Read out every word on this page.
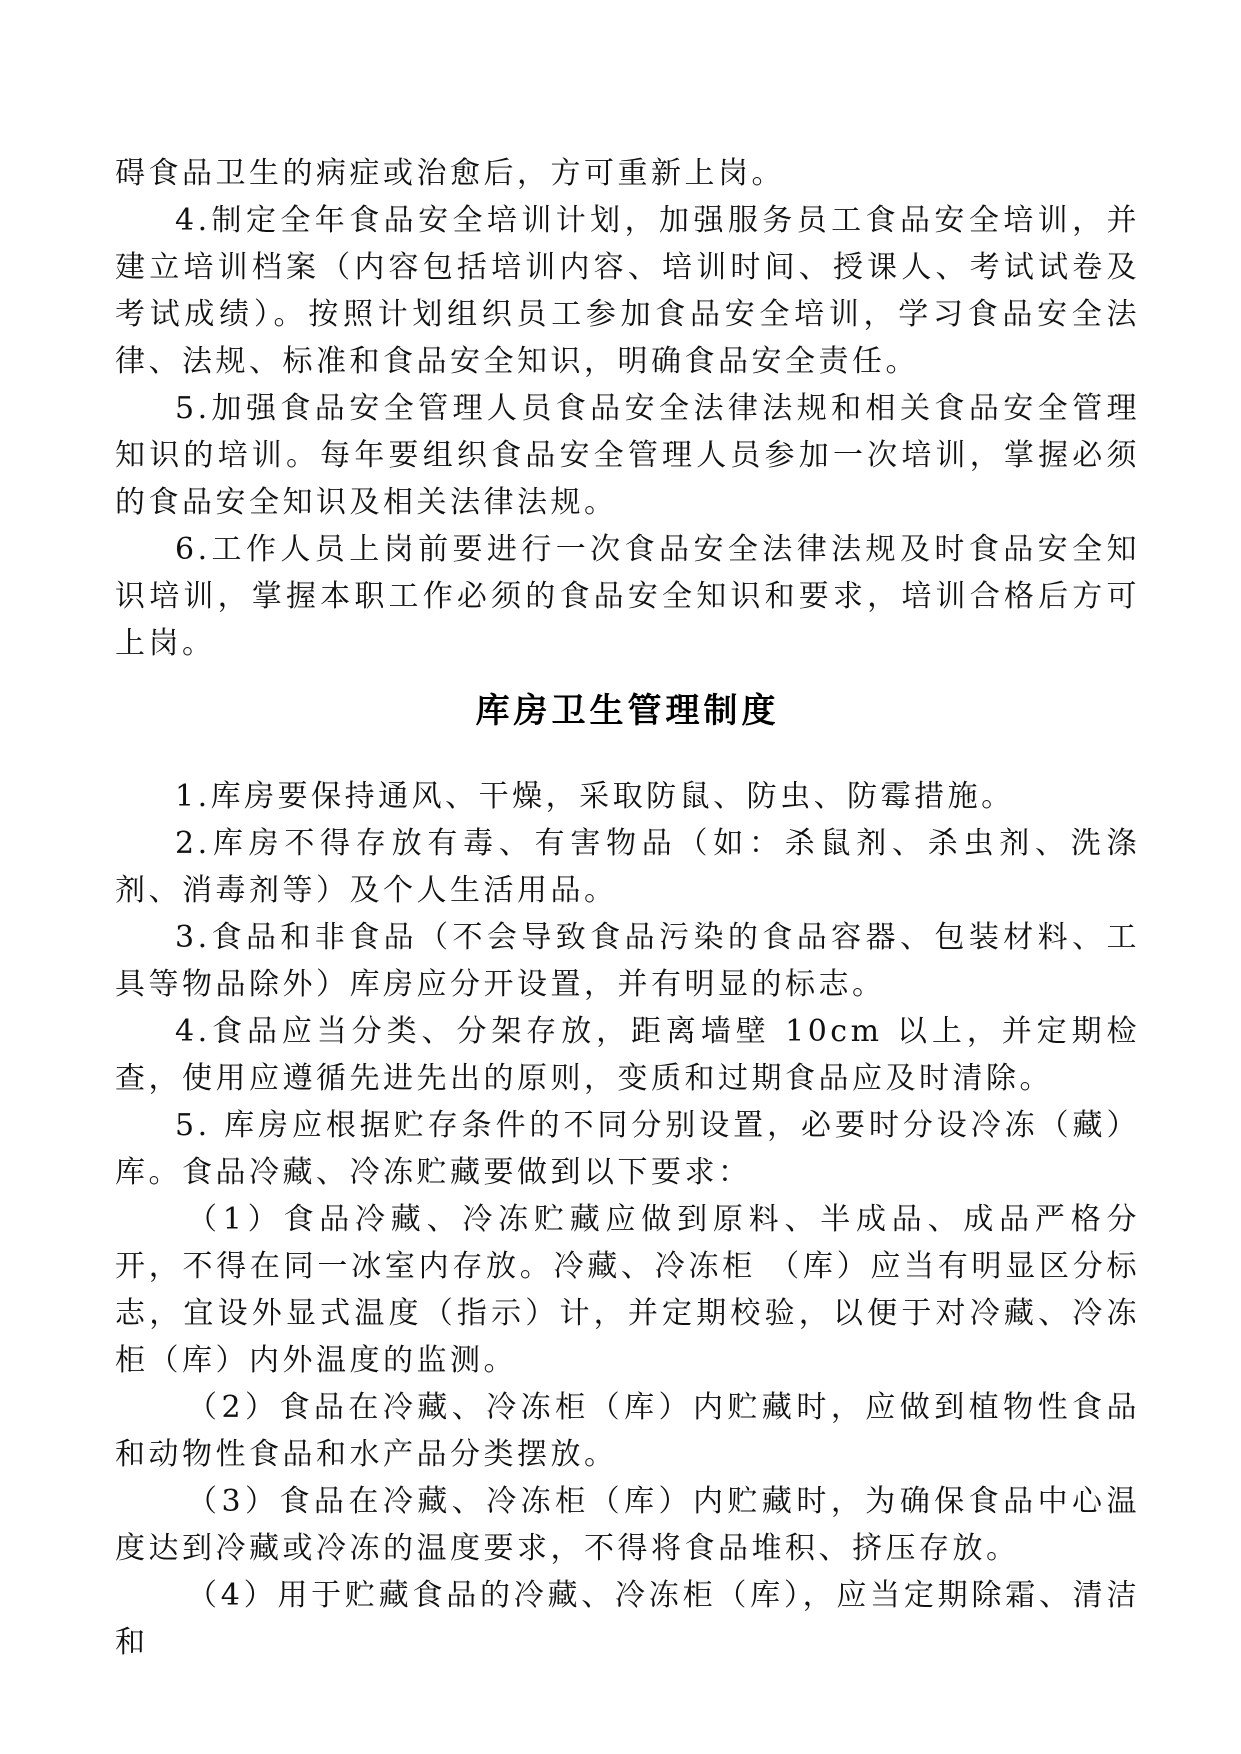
碍食品卫生的病症或治愈后，方可重新上岗。

4.制定全年食品安全培训计划，加强服务员工食品安全培训，并建立培训档案（内容包括培训内容、培训时间、授课人、考试试卷及考试成绩）。按照计划组织员工参加食品安全培训，学习食品安全法律、法规、标准和食品安全知识，明确食品安全责任。

5.加强食品安全管理人员食品安全法律法规和相关食品安全管理知识的培训。每年要组织食品安全管理人员参加一次培训，掌握必须的食品安全知识及相关法律法规。

6.工作人员上岗前要进行一次食品安全法律法规及时食品安全知识培训，掌握本职工作必须的食品安全知识和要求，培训合格后方可上岗。

库房卫生管理制度

1.库房要保持通风、干燥，采取防鼠、防虫、防霉措施。

2.库房不得存放有毒、有害物品（如：杀鼠剂、杀虫剂、洗涤剂、消毒剂等）及个人生活用品。

3.食品和非食品（不会导致食品污染的食品容器、包装材料、工具等物品除外）库房应分开设置，并有明显的标志。

4.食品应当分类、分架存放，距离墙壁 10cm 以上，并定期检查，使用应遵循先进先出的原则，变质和过期食品应及时清除。

5. 库房应根据贮存条件的不同分别设置，必要时分设冷冻（藏）库。食品冷藏、冷冻贮藏要做到以下要求：

（1）食品冷藏、冷冻贮藏应做到原料、半成品、成品严格分开，不得在同一冰室内存放。冷藏、冷冻柜 （库）应当有明显区分标志，宜设外显式温度（指示）计，并定期校验，以便于对冷藏、冷冻柜（库）内外温度的监测。

（2）食品在冷藏、冷冻柜（库）内贮藏时，应做到植物性食品和动物性食品和水产品分类摆放。

（3）食品在冷藏、冷冻柜（库）内贮藏时，为确保食品中心温度达到冷藏或冷冻的温度要求，不得将食品堆积、挤压存放。

（4）用于贮藏食品的冷藏、冷冻柜（库），应当定期除霜、清洁和
